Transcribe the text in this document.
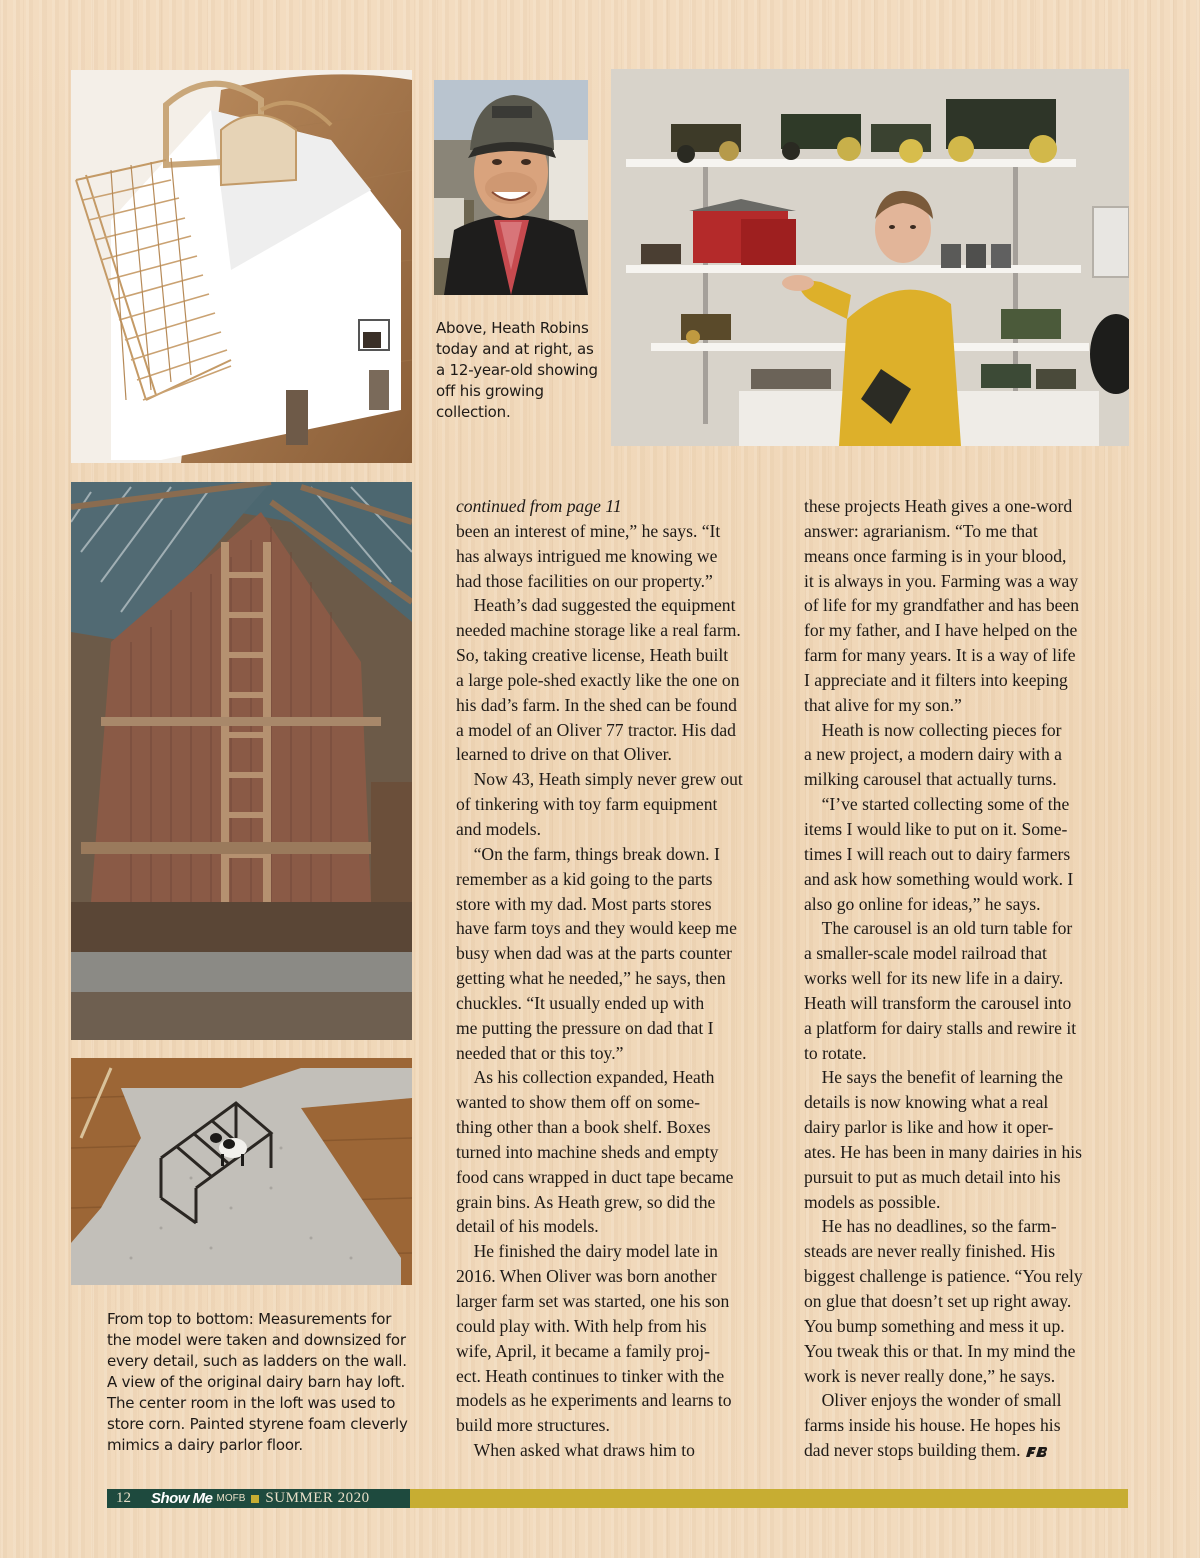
Above, Heath Robins today and at right, as a 12-year-old showing off his growing collection.
From top to bottom: Measurements for the model were taken and downsized for every detail, such as ladders on the wall. A view of the original dairy barn hay loft. The center room in the loft was used to store corn. Painted styrene foam cleverly mimics a dairy parlor floor.
continued from page 11
been an interest of mine,” he says. “It
has always intrigued me knowing we
had those facilities on our property.”
 Heath’s dad suggested the equipment
needed machine storage like a real farm.
So, taking creative license, Heath built
a large pole-shed exactly like the one on
his dad’s farm. In the shed can be found
a model of an Oliver 77 tractor. His dad
learned to drive on that Oliver.
 Now 43, Heath simply never grew out
of tinkering with toy farm equipment
and models.
 “On the farm, things break down. I
remember as a kid going to the parts
store with my dad. Most parts stores
have farm toys and they would keep me
busy when dad was at the parts counter
getting what he needed,” he says, then
chuckles. “It usually ended up with
me putting the pressure on dad that I
needed that or this toy.”
 As his collection expanded, Heath
wanted to show them off on some-
thing other than a book shelf. Boxes
turned into machine sheds and empty
food cans wrapped in duct tape became
grain bins. As Heath grew, so did the
detail of his models.
 He finished the dairy model late in
2016. When Oliver was born another
larger farm set was started, one his son
could play with. With help from his
wife, April, it became a family proj-
ect. Heath continues to tinker with the
models as he experiments and learns to
build more structures.
 When asked what draws him to
these projects Heath gives a one-word
answer: agrarianism. “To me that
means once farming is in your blood,
it is always in you. Farming was a way
of life for my grandfather and has been
for my father, and I have helped on the
farm for many years. It is a way of life
I appreciate and it filters into keeping
that alive for my son.”
 Heath is now collecting pieces for
a new project, a modern dairy with a
milking carousel that actually turns.
 “I’ve started collecting some of the
items I would like to put on it. Some-
times I will reach out to dairy farmers
and ask how something would work. I
also go online for ideas,” he says.
 The carousel is an old turn table for
a smaller-scale model railroad that
works well for its new life in a dairy.
Heath will transform the carousel into
a platform for dairy stalls and rewire it
to rotate.
 He says the benefit of learning the
details is now knowing what a real
dairy parlor is like and how it oper-
ates. He has been in many dairies in his
pursuit to put as much detail into his
models as possible.
 He has no deadlines, so the farm-
steads are never really finished. His
biggest challenge is patience. “You rely
on glue that doesn’t set up right away.
You bump something and mess it up.
You tweak this or that. In my mind the
work is never really done,” he says.
 Oliver enjoys the wonder of small
farms inside his house. He hopes his
dad never stops building them.
12 Show Me MOFB SUMMER 2020
